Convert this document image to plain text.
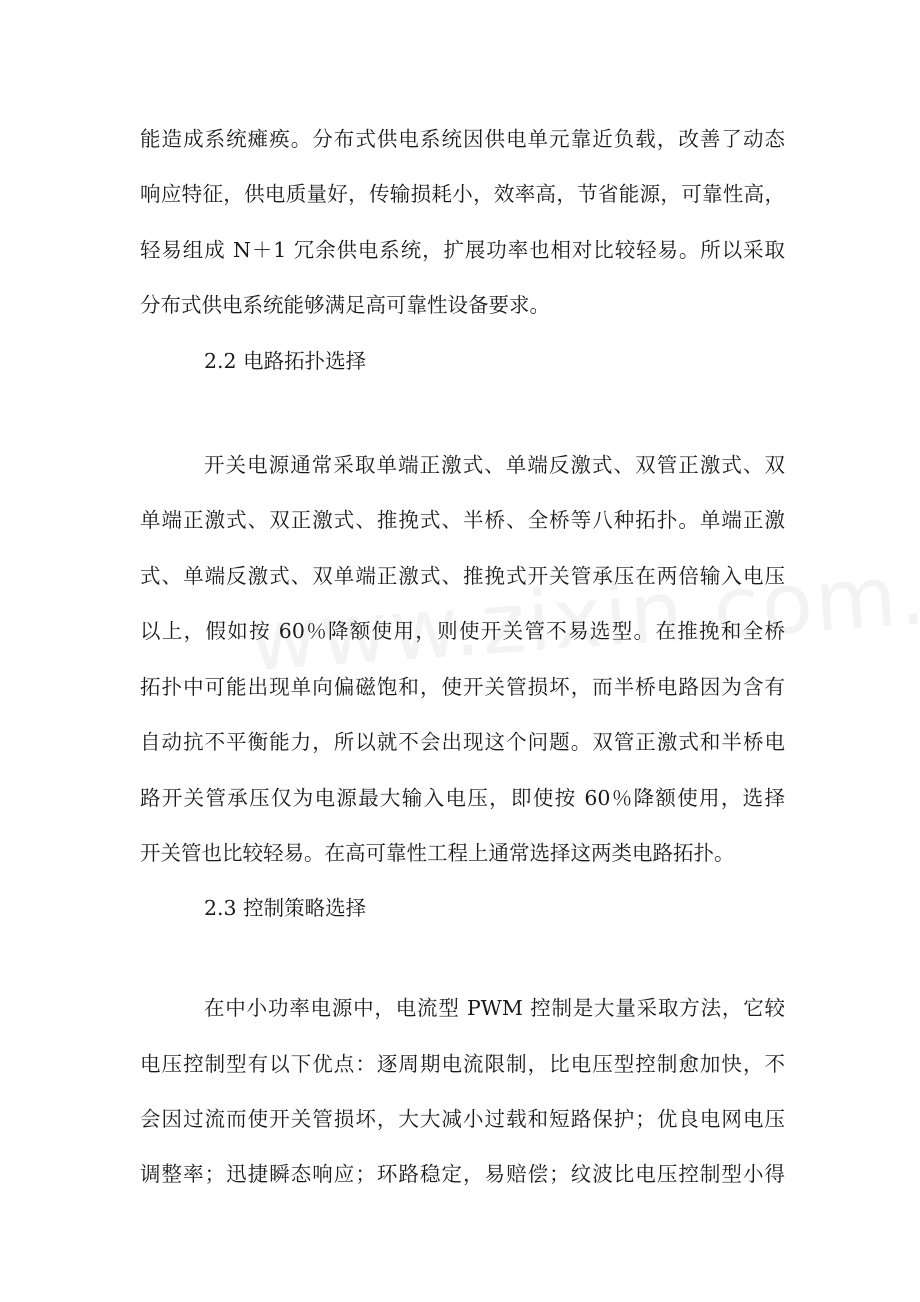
能造成系统瘫痪。分布式供电系统因供电单元靠近负载，改善了动态
响应特征，供电质量好，传输损耗小，效率高，节省能源，可靠性高，
轻易组成 N＋1 冗余供电系统，扩展功率也相对比较轻易。所以采取
分布式供电系统能够满足高可靠性设备要求。
2.2 电路拓扑选择
开关电源通常采取单端正激式、单端反激式、双管正激式、双
单端正激式、双正激式、推挽式、半桥、全桥等八种拓扑。单端正激
式、单端反激式、双单端正激式、推挽式开关管承压在两倍输入电压
以上，假如按 60％降额使用，则使开关管不易选型。在推挽和全桥
拓扑中可能出现单向偏磁饱和，使开关管损坏，而半桥电路因为含有
自动抗不平衡能力，所以就不会出现这个问题。双管正激式和半桥电
路开关管承压仅为电源最大输入电压，即使按 60％降额使用，选择
开关管也比较轻易。在高可靠性工程上通常选择这两类电路拓扑。
2.3 控制策略选择
在中小功率电源中，电流型 PWM 控制是大量采取方法，它较
电压控制型有以下优点：逐周期电流限制，比电压型控制愈加快，不
会因过流而使开关管损坏，大大减小过载和短路保护；优良电网电压
调整率；迅捷瞬态响应；环路稳定，易赔偿；纹波比电压控制型小得
